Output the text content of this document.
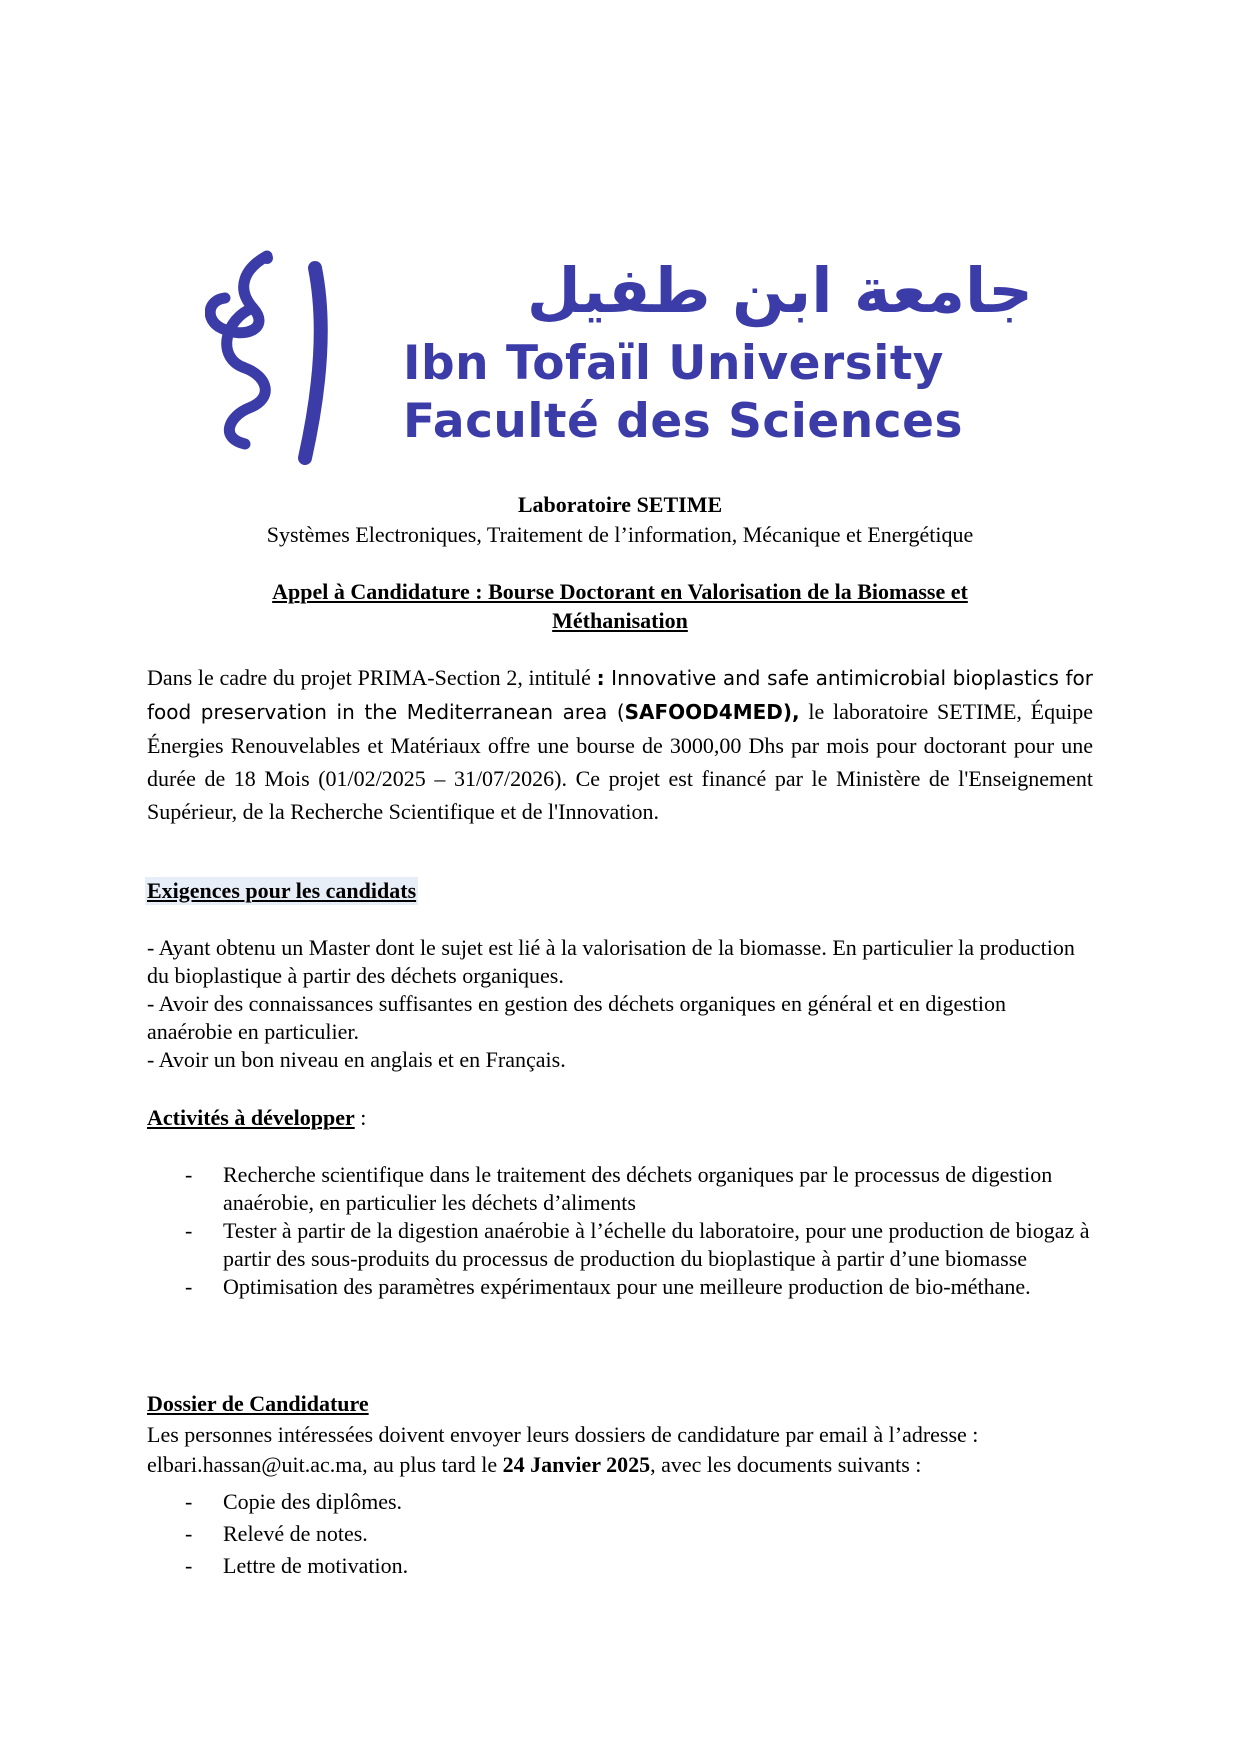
جامعة ابن طفيل
Ibn Tofaïl University
Faculté des Sciences
Laboratoire SETIME
Systèmes Electroniques, Traitement de l’information, Mécanique et Energétique
Appel à Candidature : Bourse Doctorant en Valorisation de la Biomasse et
Méthanisation
Dans le cadre du projet PRIMA-Section 2, intitulé : Innovative and safe antimicrobial bioplastics for food preservation in the Mediterranean area (SAFOOD4MED), le laboratoire SETIME, Équipe Énergies Renouvelables et Matériaux offre une bourse de 3000,00 Dhs par mois pour doctorant pour une durée de 18 Mois (01/02/2025 – 31/07/2026). Ce projet est financé par le Ministère de l'Enseignement Supérieur, de la Recherche Scientifique et de l'Innovation.
Exigences pour les candidats

- Ayant obtenu un Master dont le sujet est lié à la valorisation de la biomasse. En particulier la production du bioplastique à partir des déchets organiques.

- Avoir des connaissances suffisantes en gestion des déchets organiques en général et en digestion anaérobie en particulier.

- Avoir un bon niveau en anglais et en Français.

Activités à développer :
- Recherche scientifique dans le traitement des déchets organiques par le processus de digestion anaérobie, en particulier les déchets d’aliments
- Tester à partir de la digestion anaérobie à l’échelle du laboratoire, pour une production de biogaz à partir des sous-produits du processus de production du bioplastique à partir d’une biomasse
- Optimisation des paramètres expérimentaux pour une meilleure production de bio-méthane.
Dossier de Candidature
Les personnes intéressées doivent envoyer leurs dossiers de candidature par email à l’adresse : elbari.hassan@uit.ac.ma, au plus tard le 24 Janvier 2025, avec les documents suivants :
- Copie des diplômes.
- Relevé de notes.
- Lettre de motivation.
